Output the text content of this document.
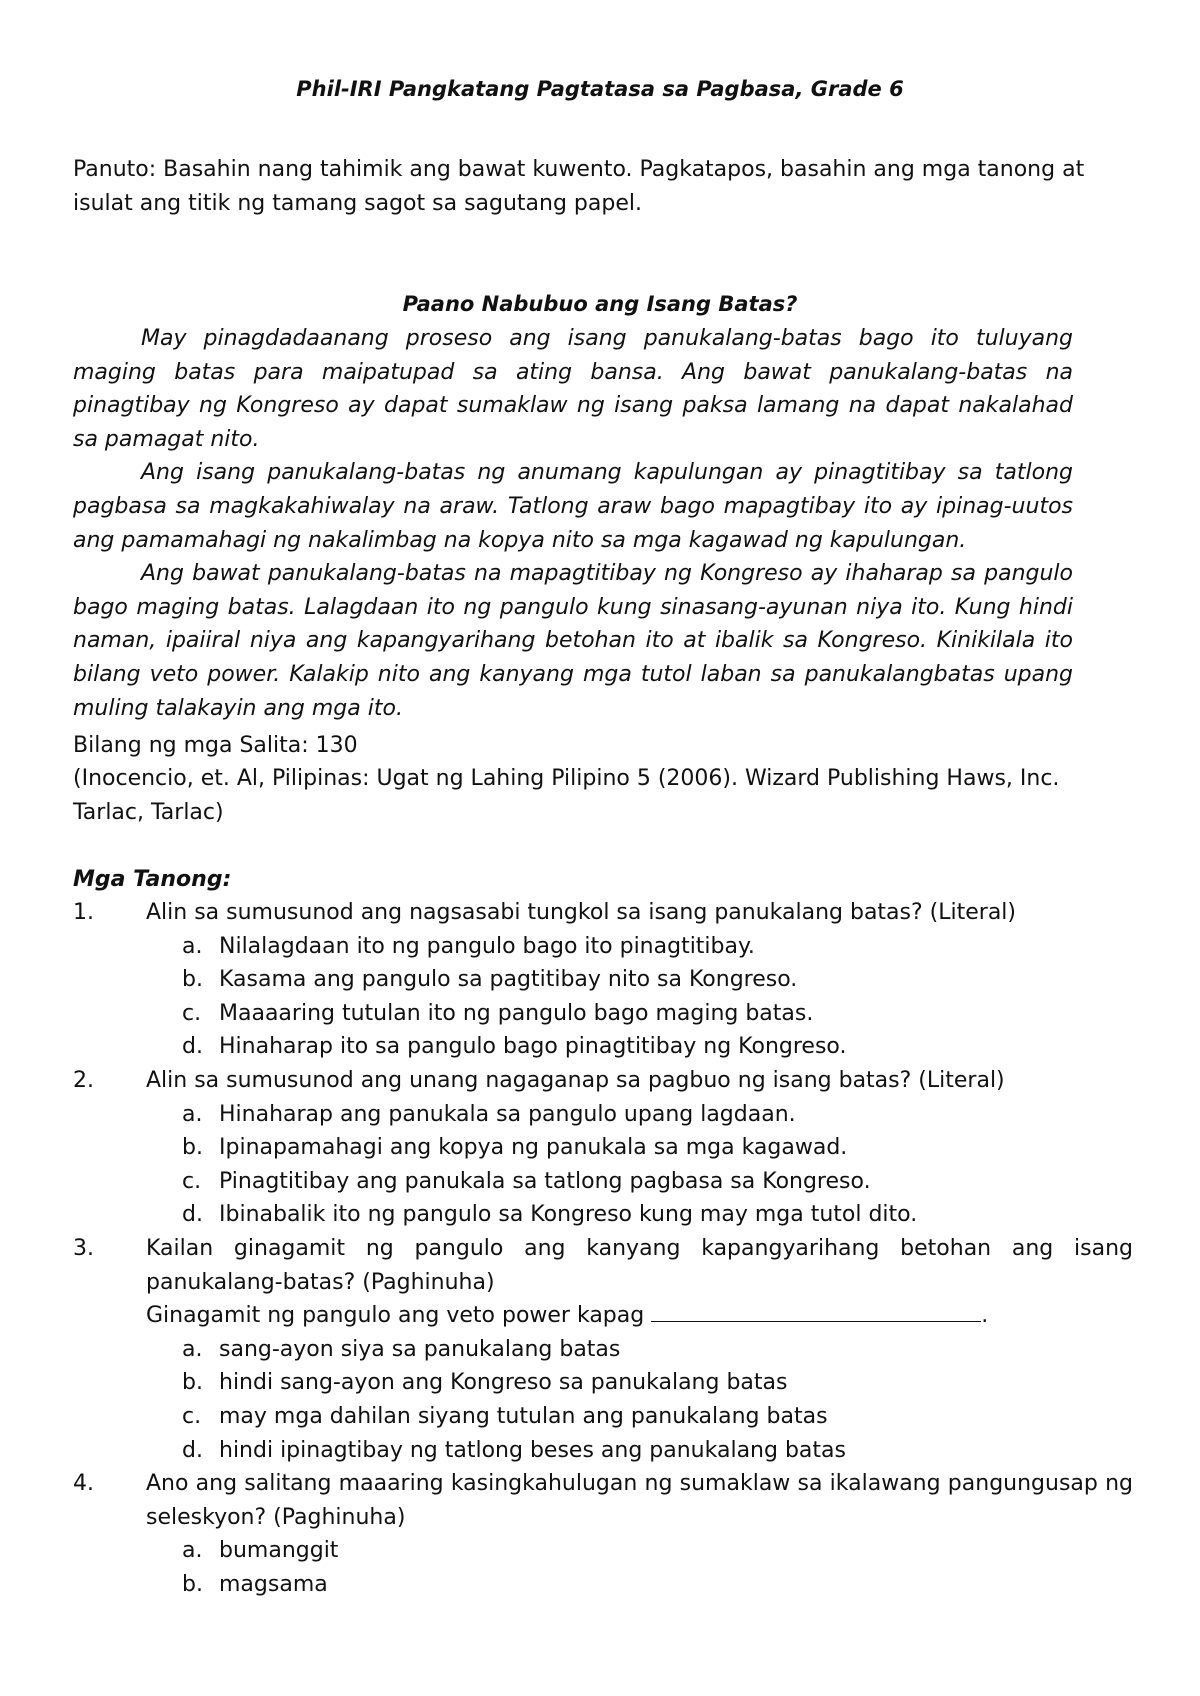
Phil-IRI Pangkatang Pagtatasa sa Pagbasa, Grade 6
Panuto: Basahin nang tahimik ang bawat kuwento. Pagkatapos, basahin ang mga tanong at isulat ang titik ng tamang sagot sa sagutang papel.
Paano Nabubuo ang Isang Batas?

May pinagdadaanang proseso ang isang panukalang-batas bago ito tuluyang maging batas para maipatupad sa ating bansa. Ang bawat panukalang-batas na pinagtibay ng Kongreso ay dapat sumaklaw ng isang paksa lamang na dapat nakalahad sa pamagat nito.

Ang isang panukalang-batas ng anumang kapulungan ay pinagtitibay sa tatlong pagbasa sa magkakahiwalay na araw. Tatlong araw bago mapagtibay ito ay ipinag-uutos ang pamamahagi ng nakalimbag na kopya nito sa mga kagawad ng kapulungan.

Ang bawat panukalang-batas na mapagtitibay ng Kongreso ay ihaharap sa pangulo bago maging batas. Lalagdaan ito ng pangulo kung sinasang-ayunan niya ito. Kung hindi naman, ipaiiral niya ang kapangyarihang betohan ito at ibalik sa Kongreso. Kinikilala ito bilang veto power. Kalakip nito ang kanyang mga tutol laban sa panukalangbatas upang muling talakayin ang mga ito.

Bilang ng mga Salita: 130
(Inocencio, et. Al, Pilipinas: Ugat ng Lahing Pilipino 5 (2006). Wizard Publishing Haws, Inc. Tarlac, Tarlac)
Mga Tanong:
1. Alin sa sumusunod ang nagsasabi tungkol sa isang panukalang batas? (Literal)
a. Nilalagdaan ito ng pangulo bago ito pinagtitibay.
b. Kasama ang pangulo sa pagtitibay nito sa Kongreso.
c. Maaaaring tutulan ito ng pangulo bago maging batas.
d. Hinaharap ito sa pangulo bago pinagtitibay ng Kongreso.
2. Alin sa sumusunod ang unang nagaganap sa pagbuo ng isang batas? (Literal)
a. Hinaharap ang panukala sa pangulo upang lagdaan.
b. Ipinapamahagi ang kopya ng panukala sa mga kagawad.
c. Pinagtitibay ang panukala sa tatlong pagbasa sa Kongreso.
d. Ibinabalik ito ng pangulo sa Kongreso kung may mga tutol dito.
3. Kailan ginagamit ng pangulo ang kanyang kapangyarihang betohan ang isang panukalang-batas? (Paghinuha)
Ginagamit ng pangulo ang veto power kapag	.
a. sang-ayon siya sa panukalang batas
b. hindi sang-ayon ang Kongreso sa panukalang batas
c. may mga dahilan siyang tutulan ang panukalang batas
d. hindi ipinagtibay ng tatlong beses ang panukalang batas
4. Ano ang salitang maaaring kasingkahulugan ng sumaklaw sa ikalawang pangungusap ng seleskyon? (Paghinuha)
a. bumanggit
b. magsama
